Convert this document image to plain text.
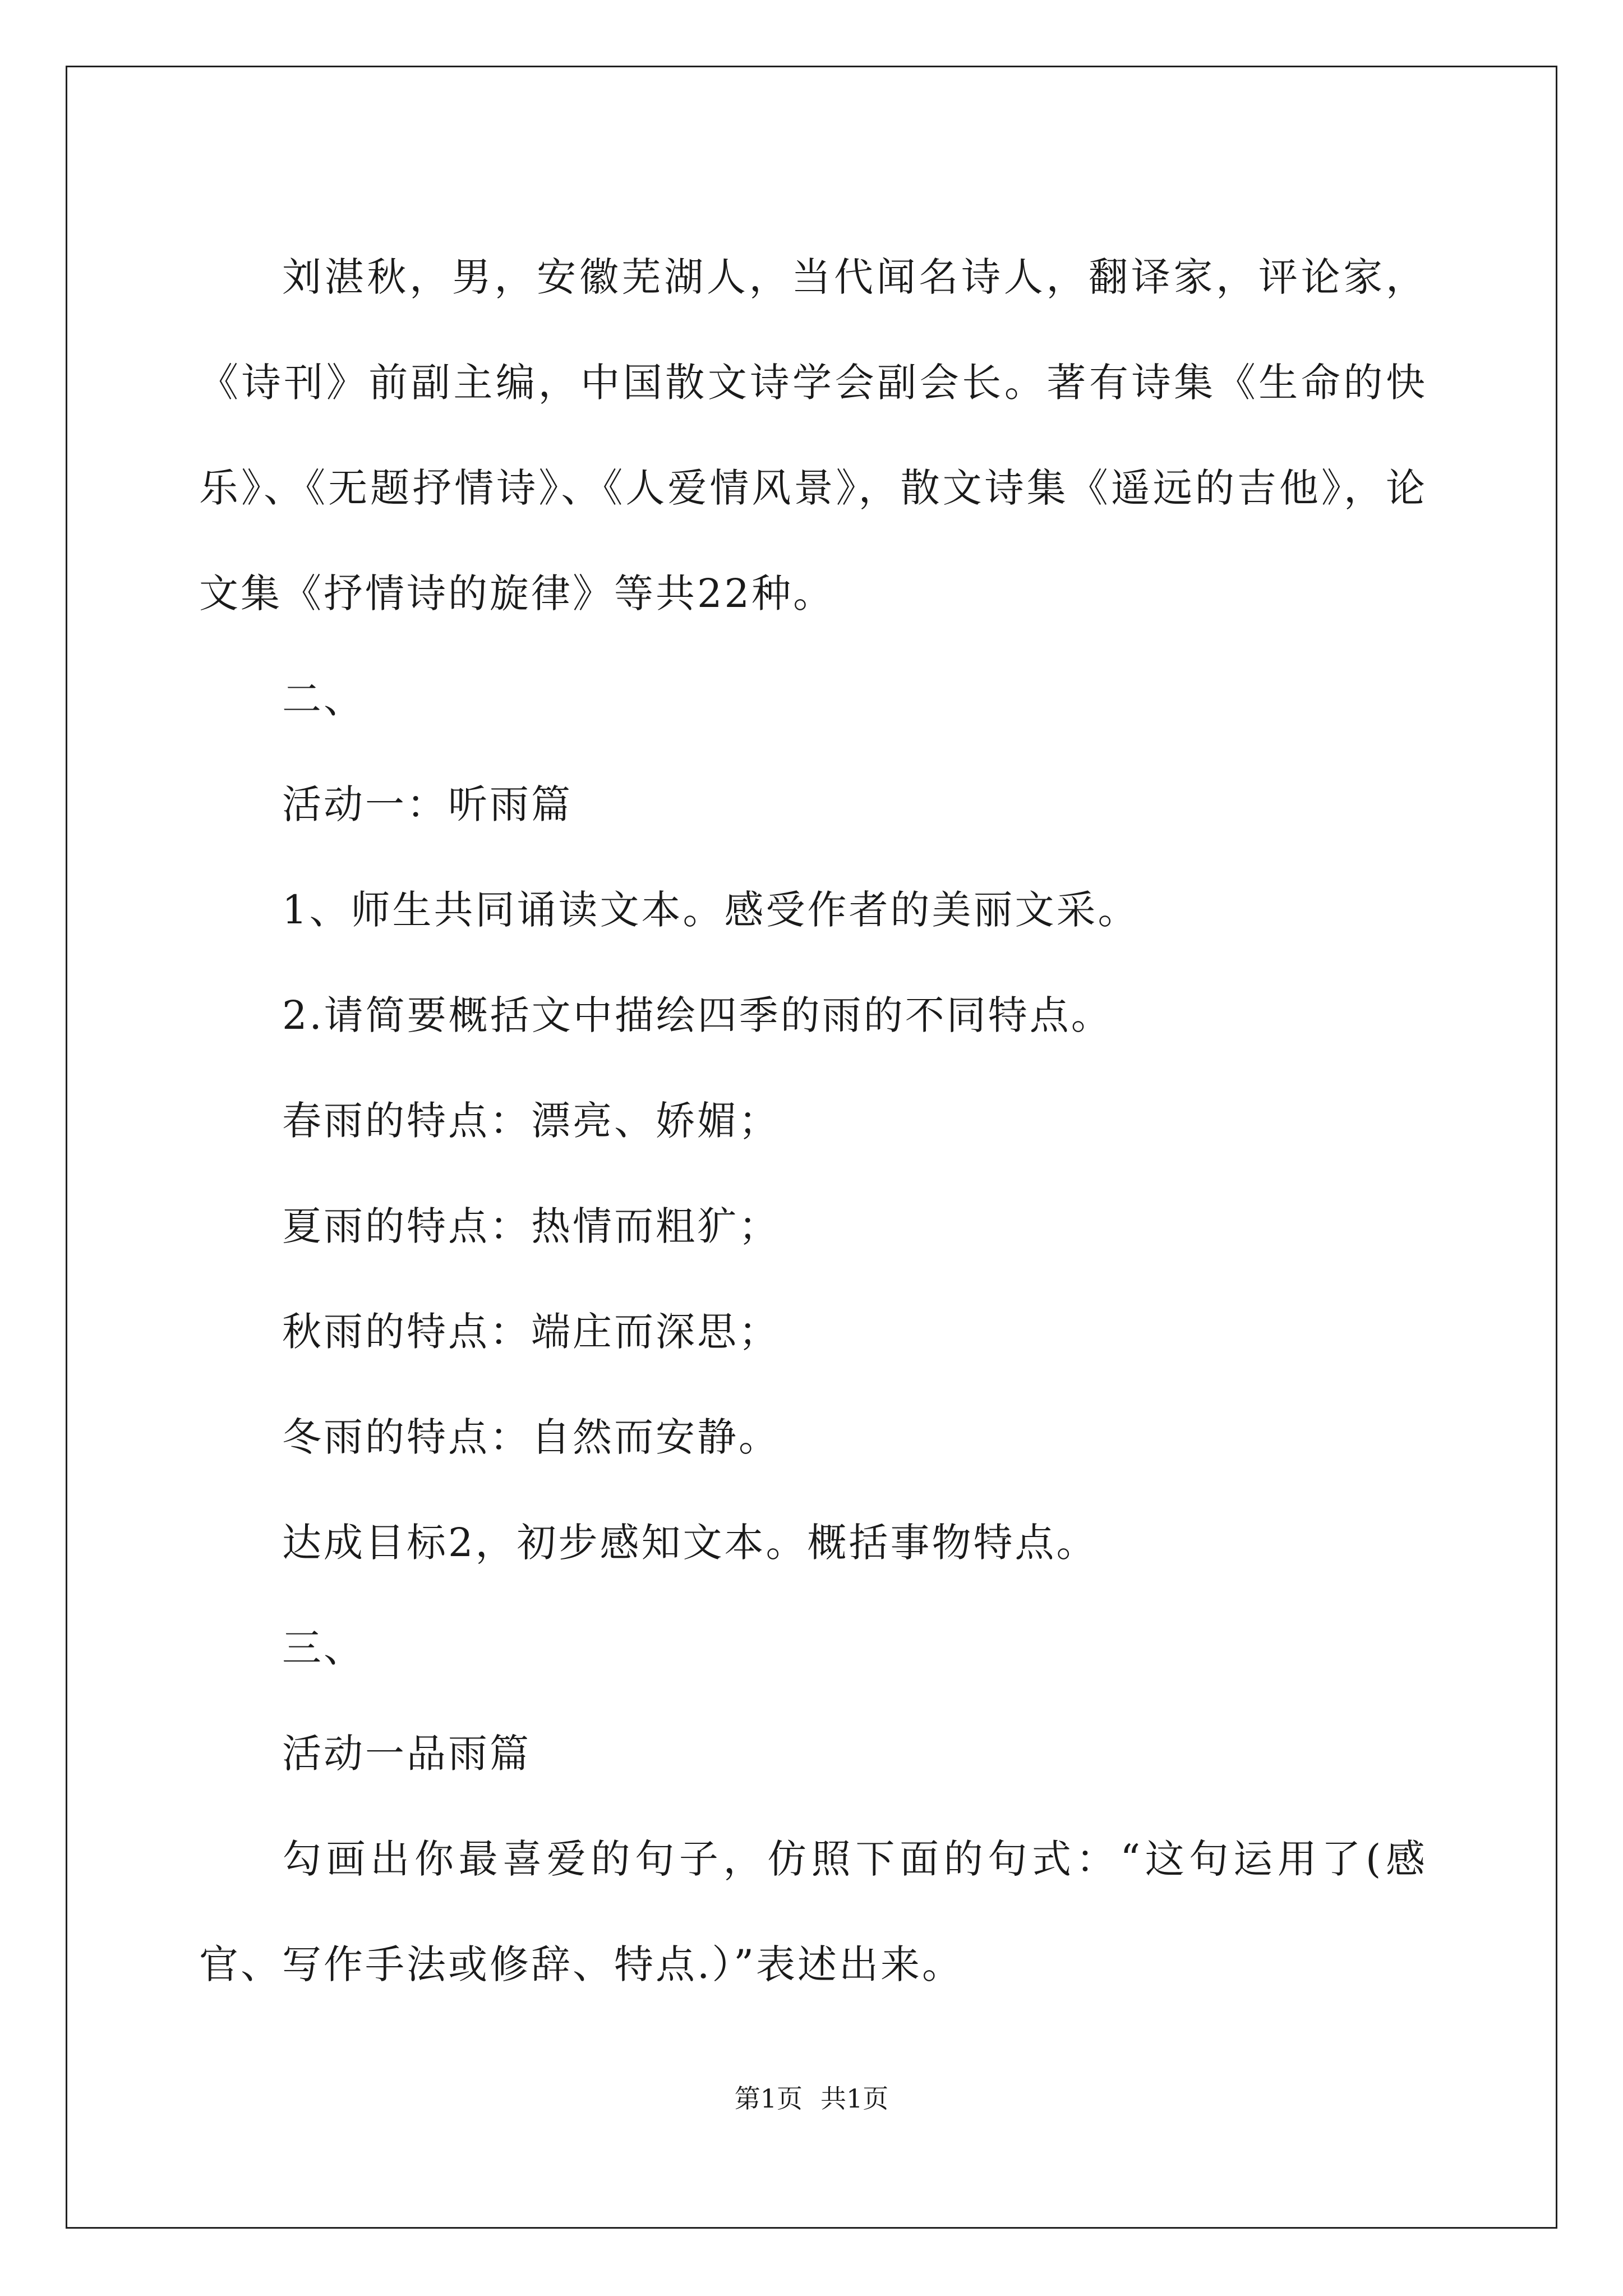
刘湛秋，男，安徽芜湖人，当代闻名诗人，翻译家，评论家，《诗刊》前副主编，中国散文诗学会副会长。著有诗集《生命的快乐》、《无题抒情诗》、《人爱情风景》，散文诗集《遥远的吉他》，论文集《抒情诗的旋律》等共22种。

二、

活动一：听雨篇

1、师生共同诵读文本。感受作者的美丽文采。

2.请简要概括文中描绘四季的雨的不同特点。

春雨的特点：漂亮、娇媚；

夏雨的特点：热情而粗犷；

秋雨的特点：端庄而深思；

冬雨的特点：自然而安静。

达成目标2，初步感知文本。概括事物特点。

三、

活动一品雨篇

勾画出你最喜爱的句子，仿照下面的句式：“这句运用了(感官、写作手法或修辞、特点.）”表述出来。

第1页 共1页
